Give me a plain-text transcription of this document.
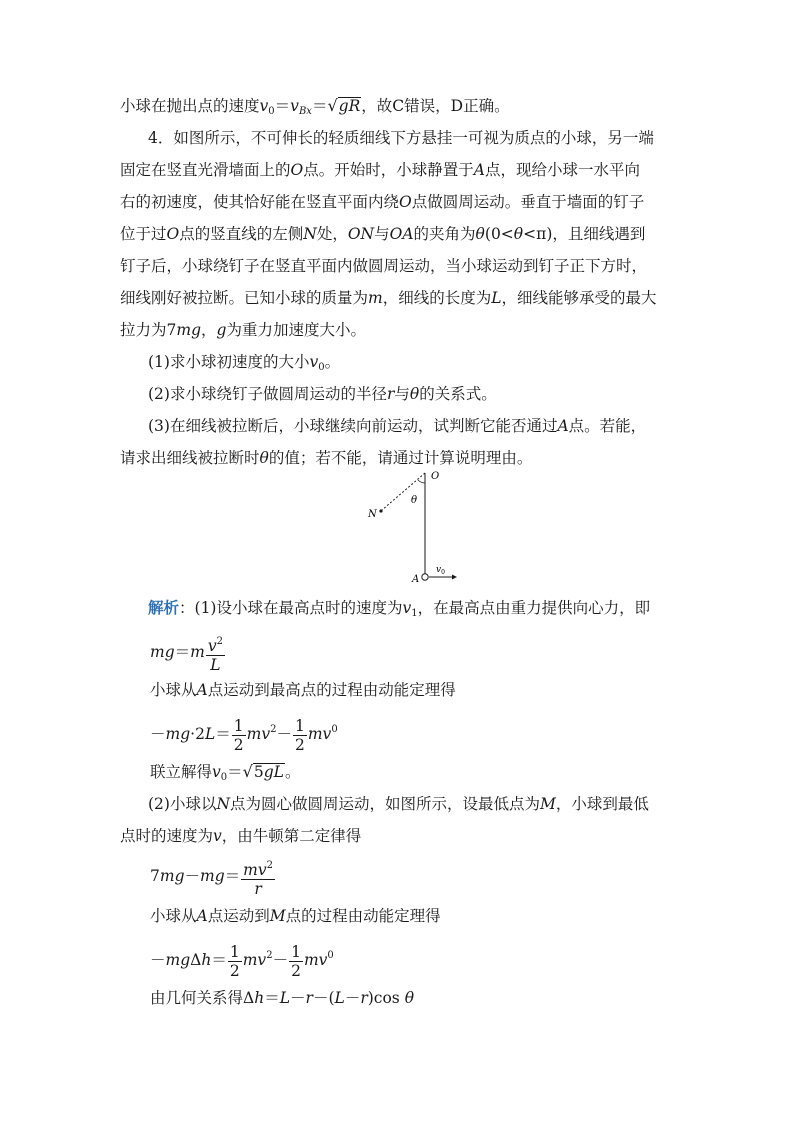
小球在抛出点的速度$v_0=v_{Bx}=√gR$，故C错误，D正确。
4．如图所示，不可伸长的轻质细线下方悬挂一可视为质点的小球，另一端
固定在竖直光滑墙面上的O点。开始时，小球静置于A点，现给小球一水平向
右的初速度，使其恰好能在竖直平面内绕O点做圆周运动。垂直于墙面的钉子
位于过O点的竖直线的左侧N处，ON与OA的夹角为θ(0<θ<π)，且细线遇到
钉子后，小球绕钉子在竖直平面内做圆周运动，当小球运动到钉子正下方时，
细线刚好被拉断。已知小球的质量为m，细线的长度为L，细线能够承受的最大
拉力为7mg，g为重力加速度大小。
(1)求小球初速度的大小$v_0$。
(2)求小球绕钉子做圆周运动的半径r与θ的关系式。
(3)在细线被拉断后，小球继续向前运动，试判断它能否通过A点。若能，
请求出细线被拉断时θ的值；若不能，请通过计算说明理由。
O
N
θ
A
$v_0$
解析：(1)设小球在最高点时的速度为$v_1$，在最高点由重力提供向心力，即
$mg=m \frac{v^2}{L}$
小球从A点运动到最高点的过程由动能定理得
$-mg\cdot 2L= \frac{1}{2} mv^2- \frac{1}{2} mv^0$
联立解得$v_0=√5gL$。
(2)小球以N点为圆心做圆周运动，如图所示，设最低点为M，小球到最低
点时的速度为v，由牛顿第二定律得
$7mg-mg= \frac{mv^2}{r}$
小球从A点运动到M点的过程由动能定理得
$-mg\Delta h= \frac{1}{2} mv^2- \frac{1}{2} mv^0$
由几何关系得Δh＝L－r－(L－r)cos θ
